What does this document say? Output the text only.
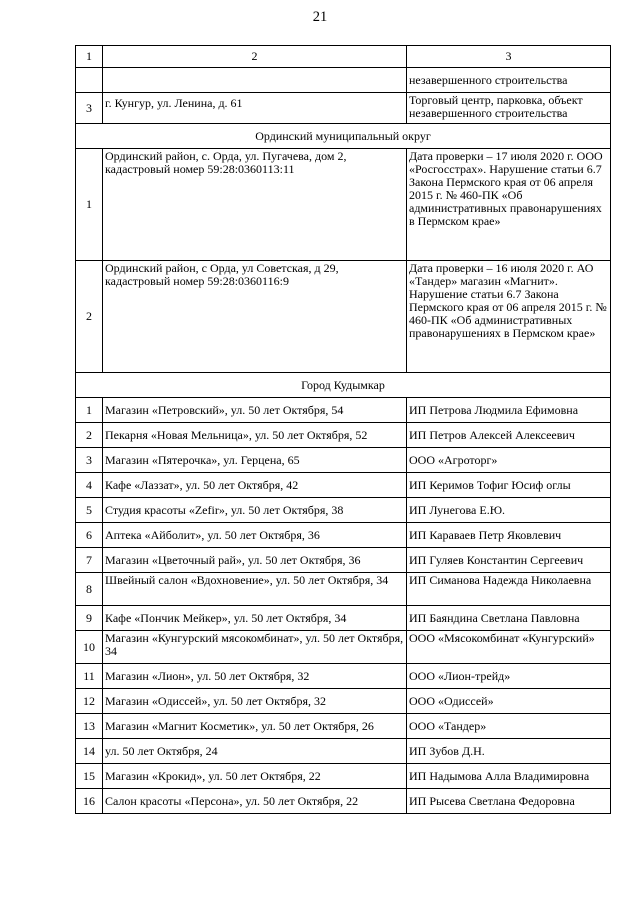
21
1	2	3
		незавершенного строительства
3	г. Кунгур, ул. Ленина, д. 61	Торговый центр, парковка, объект незавершенного строительства
Ординский муниципальный округ		
1	Ординский район, с. Орда, ул. Пугачева, дом 2, кадастровый номер 59:28:0360113:11	Дата проверки – 17 июля 2020 г. ООО «Росгосстрах». Нарушение статьи 6.7 Закона Пермского края от 06 апреля 2015 г. № 460-ПК «Об административных правонарушениях в Пермском крае»
2	Ординский район, с Орда, ул Советская, д 29, кадастровый номер 59:28:0360116:9	Дата проверки – 16 июля 2020 г. АО «Тандер» магазин «Магнит». Нарушение статьи 6.7 Закона Пермского края от 06 апреля 2015 г. № 460-ПК «Об административных правонарушениях в Пермском крае»
Город Кудымкар		
1	Магазин «Петровский», ул. 50 лет Октября, 54	ИП Петрова Людмила Ефимовна
2	Пекарня «Новая Мельница», ул. 50 лет Октября, 52	ИП Петров Алексей Алексеевич
3	Магазин «Пятерочка», ул. Герцена, 65	ООО «Агроторг»
4	Кафе «Лаззат», ул. 50 лет Октября, 42	ИП Керимов Тофиг Юсиф оглы
5	Студия красоты «Zefir», ул. 50 лет Октября, 38	ИП Лунегова Е.Ю.
6	Аптека «Айболит», ул. 50 лет Октября, 36	ИП Караваев Петр Яковлевич
7	Магазин «Цветочный рай», ул. 50 лет Октября, 36	ИП Гуляев Константин Сергеевич
8	Швейный салон «Вдохновение», ул. 50 лет Октября, 34	ИП Симанова Надежда Николаевна
9	Кафе «Пончик Мейкер», ул. 50 лет Октября, 34	ИП Баяндина Светлана Павловна
10	Магазин «Кунгурский мясокомбинат», ул. 50 лет Октября, 34	ООО «Мясокомбинат «Кунгурский»
11	Магазин «Лион», ул. 50 лет Октября, 32	ООО «Лион-трейд»
12	Магазин «Одиссей», ул. 50 лет Октября, 32	ООО «Одиссей»
13	Магазин «Магнит Косметик», ул. 50 лет Октября, 26	ООО «Тандер»
14	ул. 50 лет Октября, 24	ИП Зубов Д.Н.
15	Магазин «Крокид», ул. 50 лет Октября, 22	ИП Надымова Алла Владимировна
16	Салон красоты «Персона», ул. 50 лет Октября, 22	ИП Рысева Светлана Федоровна
